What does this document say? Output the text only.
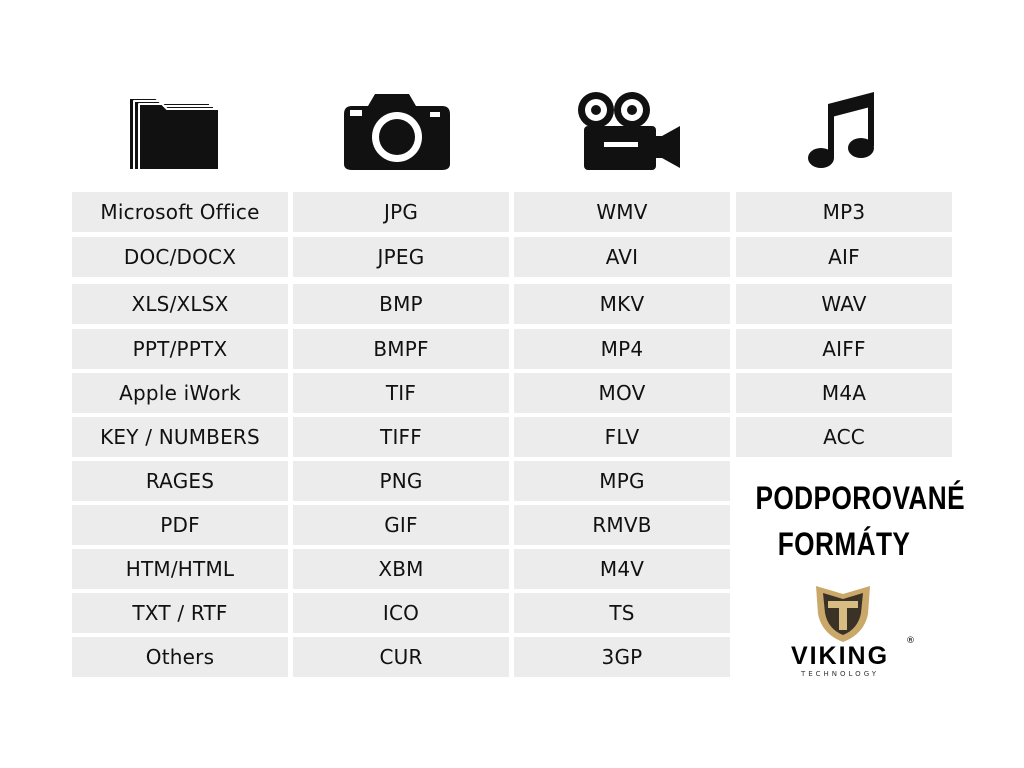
Microsoft Office
DOC/DOCX
XLS/XLSX
PPT/PPTX
Apple iWork
KEY / NUMBERS
RAGES
PDF
HTM/HTML
TXT / RTF
Others
JPG
JPEG
BMP
BMPF
TIF
TIFF
PNG
GIF
XBM
ICO
CUR
WMV
AVI
MKV
MP4
MOV
FLV
MPG
RMVB
M4V
TS
3GP
MP3
AIF
WAV
AIFF
M4A
ACC
PODPOROVANÉ
FORMÁTY
VIKING
®
TECHNOLOGY
